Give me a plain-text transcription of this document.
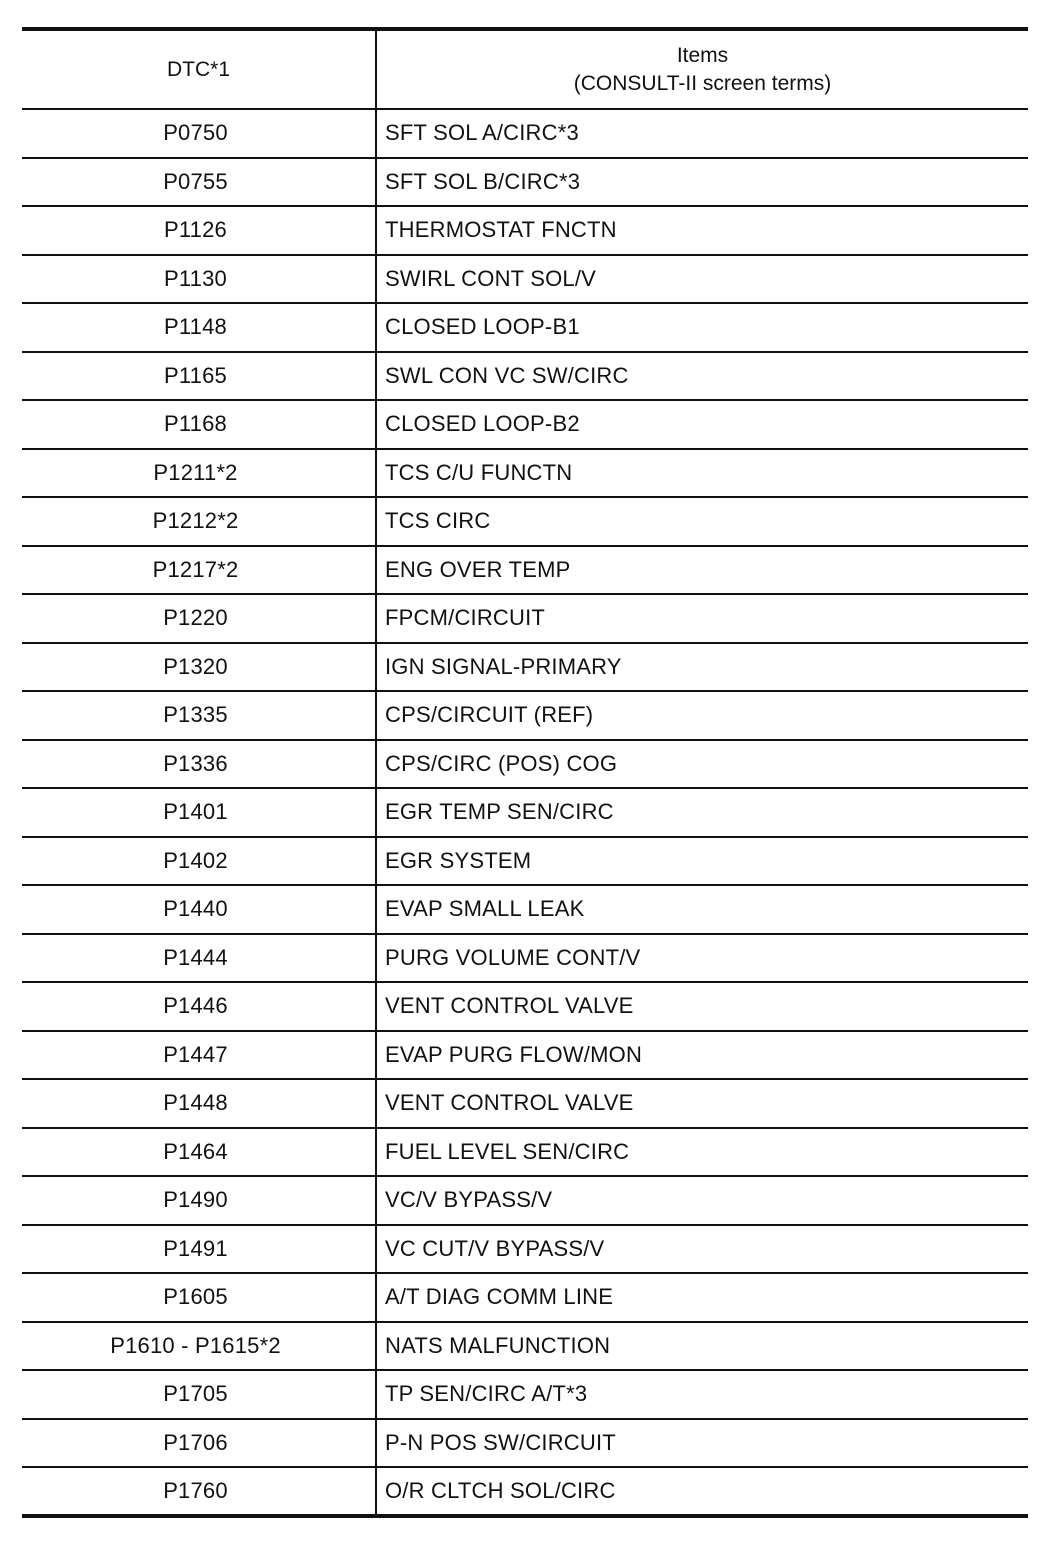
DTC*1	Items
(CONSULT-II screen terms)

P0750	SFT SOL A/CIRC*3
P0755	SFT SOL B/CIRC*3
P1126	THERMOSTAT FNCTN
P1130	SWIRL CONT SOL/V
P1148	CLOSED LOOP-B1
P1165	SWL CON VC SW/CIRC
P1168	CLOSED LOOP-B2
P1211*2	TCS C/U FUNCTN
P1212*2	TCS CIRC
P1217*2	ENG OVER TEMP
P1220	FPCM/CIRCUIT
P1320	IGN SIGNAL-PRIMARY
P1335	CPS/CIRCUIT (REF)
P1336	CPS/CIRC (POS) COG
P1401	EGR TEMP SEN/CIRC
P1402	EGR SYSTEM
P1440	EVAP SMALL LEAK
P1444	PURG VOLUME CONT/V
P1446	VENT CONTROL VALVE
P1447	EVAP PURG FLOW/MON
P1448	VENT CONTROL VALVE
P1464	FUEL LEVEL SEN/CIRC
P1490	VC/V BYPASS/V
P1491	VC CUT/V BYPASS/V
P1605	A/T DIAG COMM LINE
P1610 - P1615*2	NATS MALFUNCTION
P1705	TP SEN/CIRC A/T*3
P1706	P-N POS SW/CIRCUIT
P1760	O/R CLTCH SOL/CIRC
